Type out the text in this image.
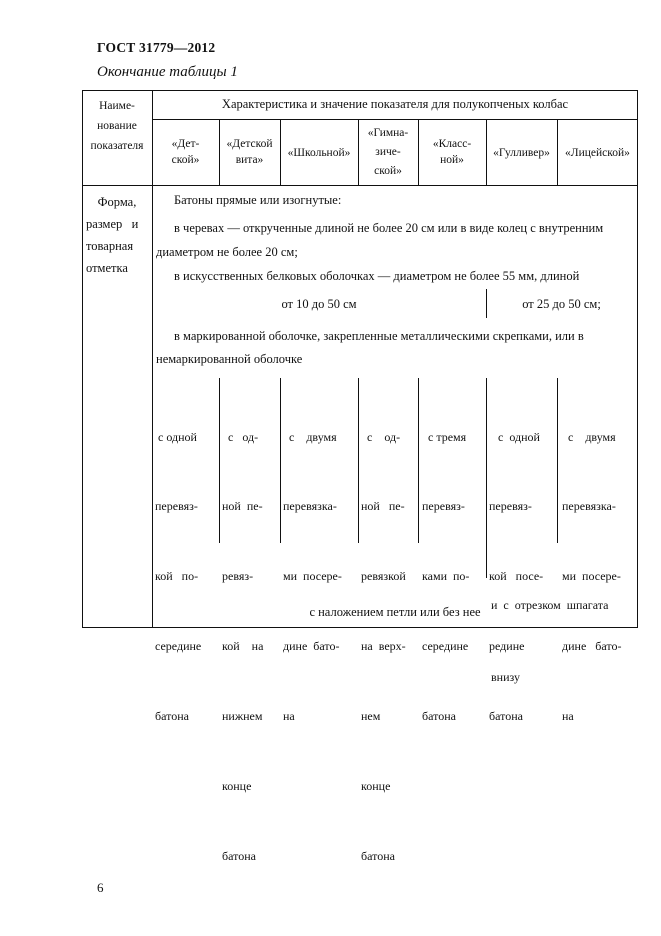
ГОСТ 31779—2012
Окончание таблицы 1
Наиме-
нование
показателя
Характеристика и значение показателя для полукопченых колбас
«Дет-
ской»
«Детской
вита»
«Школьной»
«Гимна-
зиче-
ской»
«Класс-
ной»
«Гулливер»	«Лицейской»
Форма,
размер   и
товарная
отметка
Батоны прямые или изогнутые:
в черевах — открученные длиной не более 20 см или в виде колец с внутренним
диаметром не более 20 см;
в искусственных белковых оболочках — диаметром не более 55 мм, длиной
от 10 до 50 см	от 25 до 50 см;
в маркированной оболочке, закрепленные металлическими скрепками, или в
немаркированной оболочке

с одной

перевяз-

кой   по-

середине

батона

с   од-

ной  пе-

ревяз-

кой    на

нижнем

конце

батона

с    двумя

перевязка-

ми  посере-

дине  бато-

на

с    од-

ной   пе-

ревязкой

на  верх-

нем

конце

батона

с тремя

перевяз-

ками  по-

середине

батона

с  одной

перевяз-

кой   посе-

редине

батона

с    двумя

перевязка-

ми  посере-

дине   бато-

на

и  с  отрезком  шпагата

внизу

с наложением петли или без нее
6
